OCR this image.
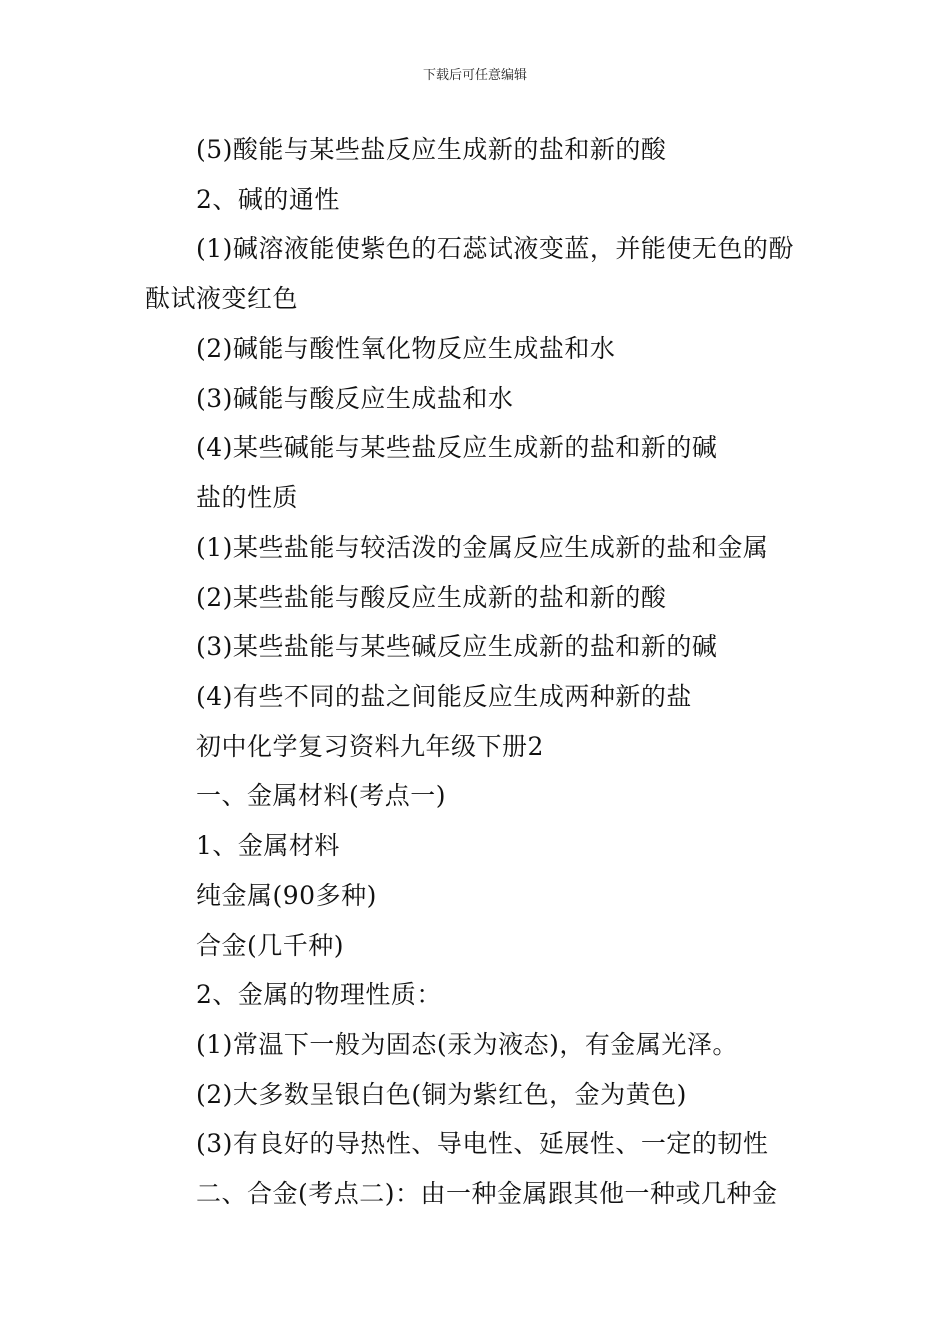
下载后可任意编辑
(5)酸能与某些盐反应生成新的盐和新的酸
2、碱的通性
(1)碱溶液能使紫色的石蕊试液变蓝，并能使无色的酚
酞试液变红色
(2)碱能与酸性氧化物反应生成盐和水
(3)碱能与酸反应生成盐和水
(4)某些碱能与某些盐反应生成新的盐和新的碱
盐的性质
(1)某些盐能与较活泼的金属反应生成新的盐和金属
(2)某些盐能与酸反应生成新的盐和新的酸
(3)某些盐能与某些碱反应生成新的盐和新的碱
(4)有些不同的盐之间能反应生成两种新的盐
初中化学复习资料九年级下册2
一、金属材料(考点一)
1、金属材料
纯金属(90多种)
合金(几千种)
2、金属的物理性质：
(1)常温下一般为固态(汞为液态)，有金属光泽。
(2)大多数呈银白色(铜为紫红色，金为黄色)
(3)有良好的导热性、导电性、延展性、一定的韧性
二、合金(考点二)：由一种金属跟其他一种或几种金
